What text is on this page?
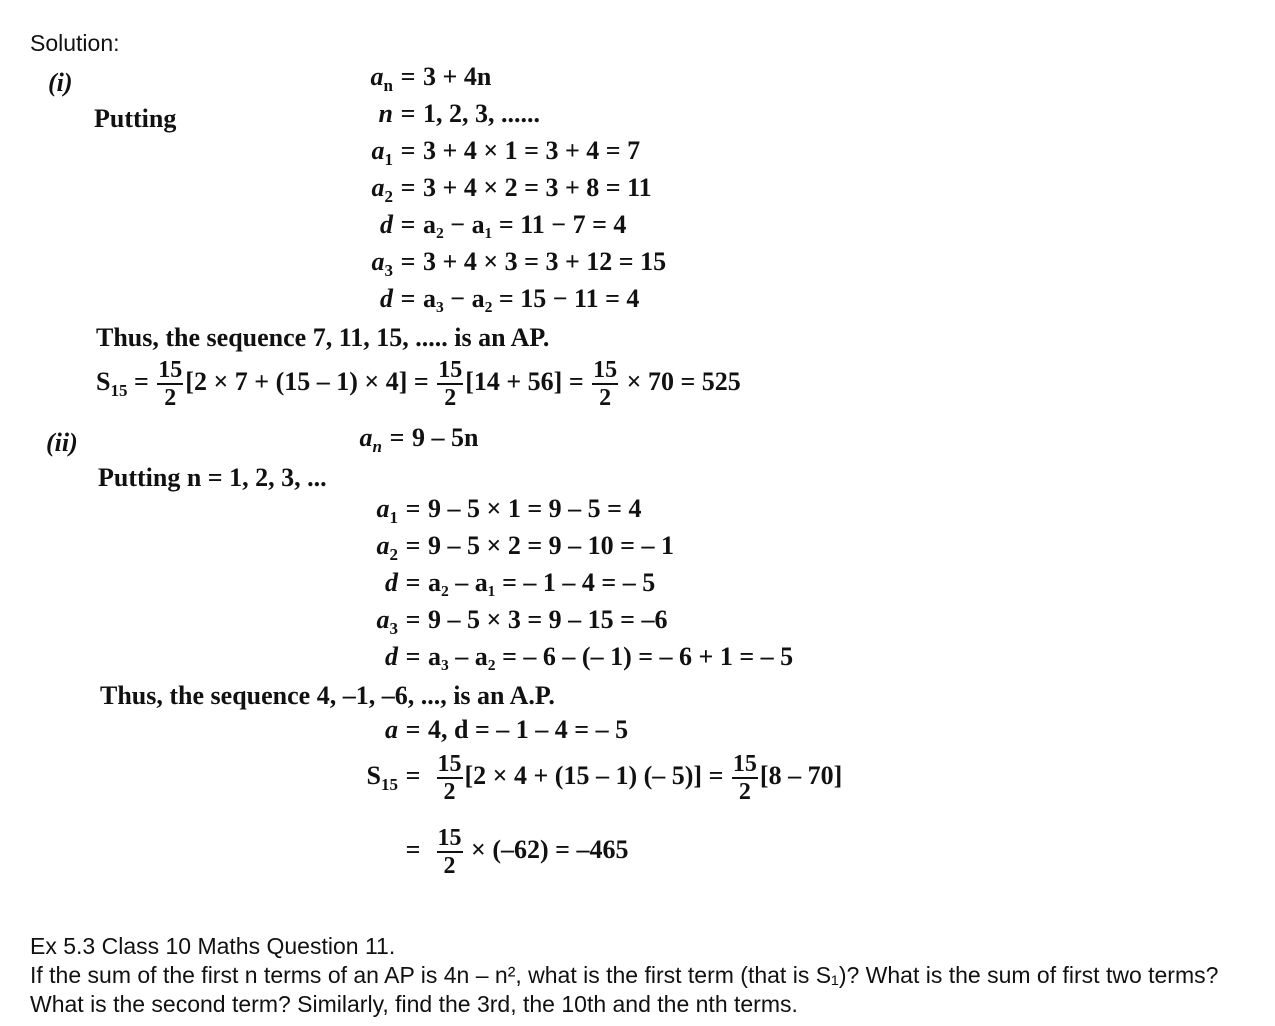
Solution:
(i)
Putting
$a_n = 3 + 4n$
n = 1, 2, 3, ......
$a_1 = 3 + 4 \times 1 = 3 + 4 = 7$
$a_2 = 3 + 4 \times 2 = 3 + 8 = 11$
d = a₂ − a₁ = 11 − 7 = 4
$a_3 = 3 + 4 \times 3 = 3 + 12 = 15$
d = a₃ − a₂ = 15 − 11 = 4
Thus, the sequence 7, 11, 15, ..... is an AP.
$S_{15} = \frac{15}{2} [2 \times 7 + (15 - 1) \times 4] = \frac{15}{2} [14 + 56] = \frac{15}{2} \times 70 = 525$
(ii)	$a_n = 9 - 5n$
Putting n = 1, 2, 3, ...
$a_1 = 9 - 5 \times 1 = 9 - 5 = 4$
$a_2 = 9 - 5 \times 2 = 9 - 10$ = – 1
d = a₂ – a₁ = – 1 – 4 = – 5
$a_3 = 9 - 5 \times 3 = 9 - 15 = -6$
d = a₃ – a₂ = – 6 – (– 1) = – 6 + 1 = – 5
Thus, the sequence 4, –1, –6, ..., is an A.P.
a = 4, d = – 1 – 4 = – 5
$S_{15} = \frac{15}{2} [2 \times 4 + (15 - 1)$ (– $5)] = \frac{15}{2} [8 - 70]$
= $\frac{15}{2} \times (-62) = -465$
Ex 5.3 Class 10 Maths Question 11.
If the sum of the first n terms of an AP is 4n – n², what is the first term (that is S₁)? What is the sum of first two terms? What is the second term? Similarly, find the 3rd, the 10th and the nth terms.
